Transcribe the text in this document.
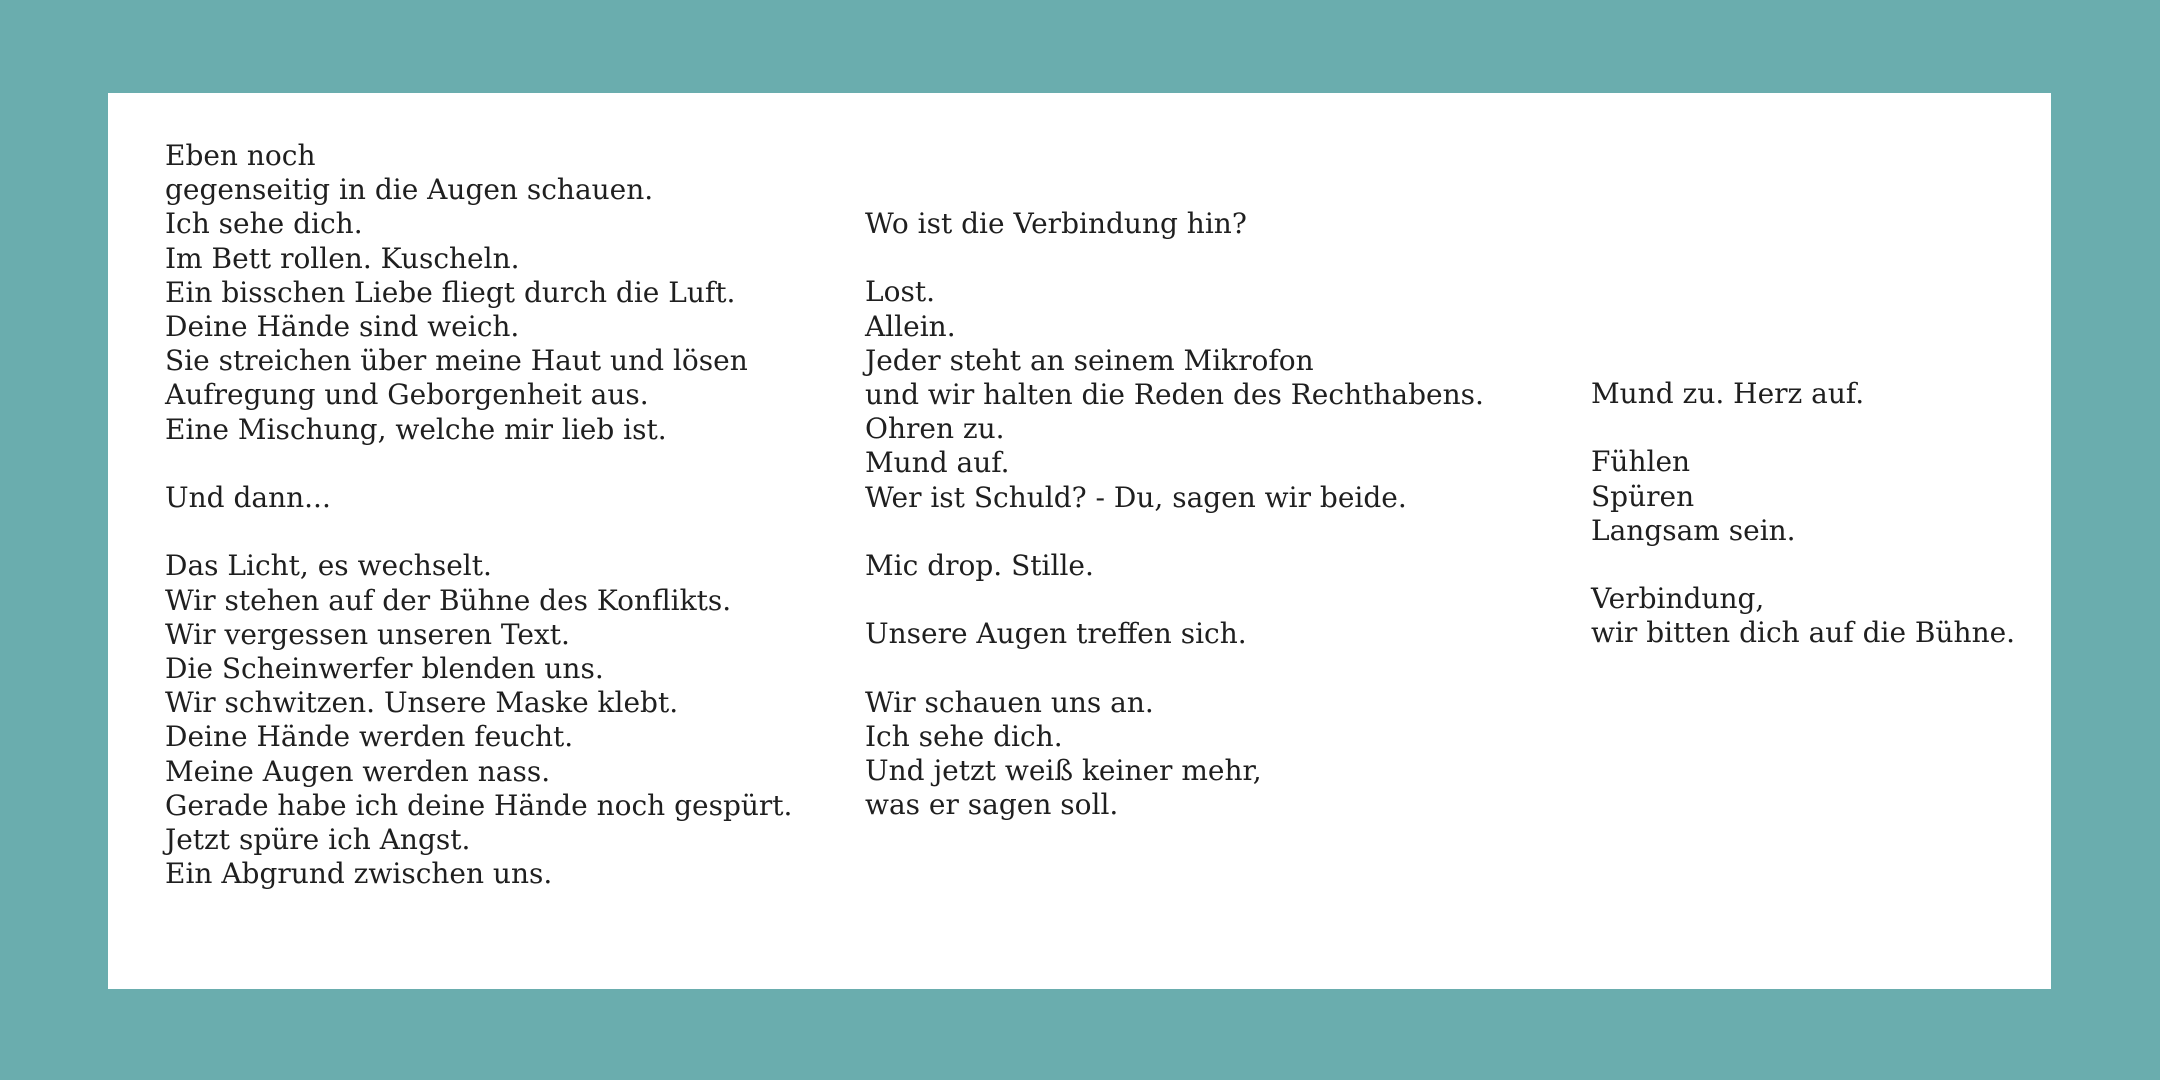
Eben noch
gegenseitig in die Augen schauen.
Ich sehe dich.
Im Bett rollen. Kuscheln.
Ein bisschen Liebe fliegt durch die Luft.
Deine Hände sind weich.
Sie streichen über meine Haut und lösen
Aufregung und Geborgenheit aus.
Eine Mischung, welche mir lieb ist.
Und dann...
Das Licht, es wechselt.
Wir stehen auf der Bühne des Konflikts.
Wir vergessen unseren Text.
Die Scheinwerfer blenden uns.
Wir schwitzen. Unsere Maske klebt.
Deine Hände werden feucht.
Meine Augen werden nass.
Gerade habe ich deine Hände noch gespürt.
Jetzt spüre ich Angst.
Ein Abgrund zwischen uns.
Wo ist die Verbindung hin?
Lost.
Allein.
Jeder steht an seinem Mikrofon
und wir halten die Reden des Rechthabens.
Ohren zu.
Mund auf.
Wer ist Schuld? - Du, sagen wir beide.
Mic drop. Stille.
Unsere Augen treffen sich.
Wir schauen uns an.
Ich sehe dich.
Und jetzt weiß keiner mehr,
was er sagen soll.
Mund zu. Herz auf.
Fühlen
Spüren
Langsam sein.
Verbindung,
wir bitten dich auf die Bühne.
